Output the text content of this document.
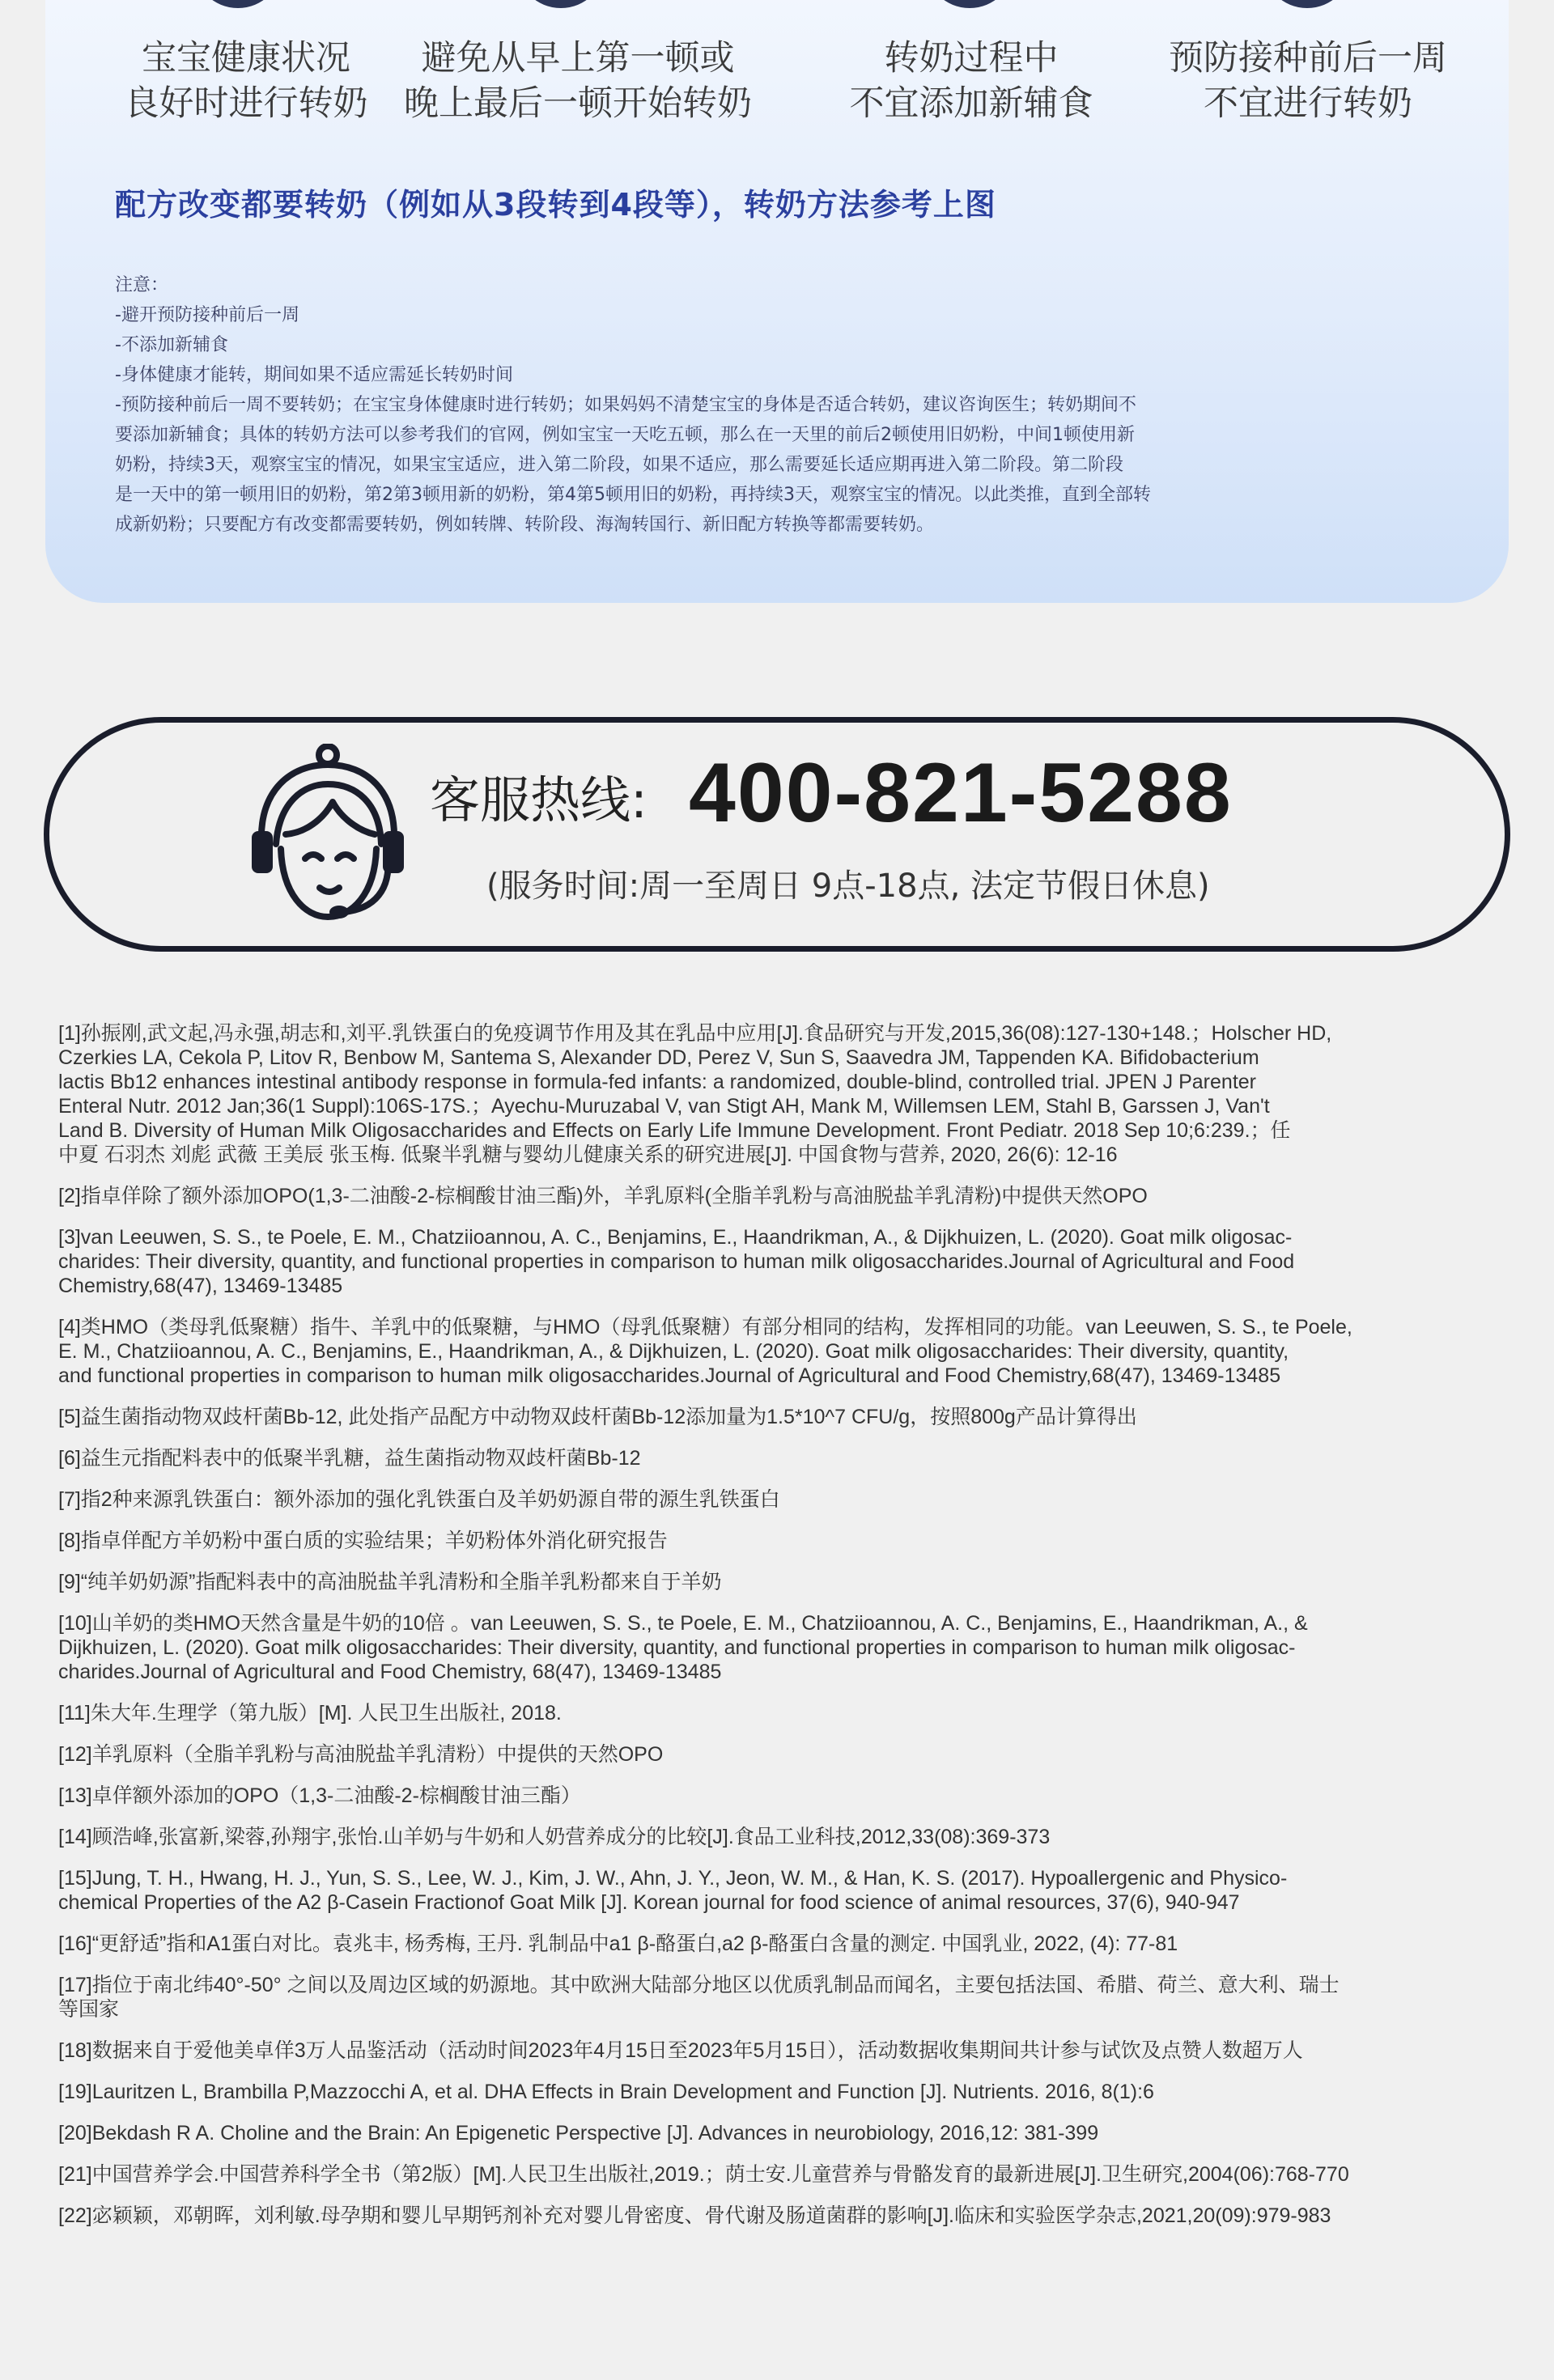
宝宝健康状况
良好时进行转奶
避免从早上第一顿或
晚上最后一顿开始转奶
转奶过程中
不宜添加新辅食
预防接种前后一周
不宜进行转奶
配方改变都要转奶（例如从3段转到4段等），转奶方法参考上图
注意：
-避开预防接种前后一周
-不添加新辅食
-身体健康才能转，期间如果不适应需延长转奶时间
-预防接种前后一周不要转奶；在宝宝身体健康时进行转奶；如果妈妈不清楚宝宝的身体是否适合转奶，建议咨询医生；转奶期间不
要添加新辅食；具体的转奶方法可以参考我们的官网，例如宝宝一天吃五顿，那么在一天里的前后2顿使用旧奶粉，中间1顿使用新
奶粉，持续3天，观察宝宝的情况，如果宝宝适应，进入第二阶段，如果不适应，那么需要延长适应期再进入第二阶段。第二阶段
是一天中的第一顿用旧的奶粉，第2第3顿用新的奶粉，第4第5顿用旧的奶粉，再持续3天，观察宝宝的情况。以此类推，直到全部转
成新奶粉；只要配方有改变都需要转奶，例如转牌、转阶段、海淘转国行、新旧配方转换等都需要转奶。
客服热线: 400-821-5288
(服务时间:周一至周日 9点-18点, 法定节假日休息)
[1]孙振刚,武文起,冯永强,胡志和,刘平.乳铁蛋白的免疫调节作用及其在乳品中应用[J].食品研究与开发,2015,36(08):127-130+148.；Holscher HD,
Czerkies LA, Cekola P, Litov R, Benbow M, Santema S, Alexander DD, Perez V, Sun S, Saavedra JM, Tappenden KA. Bifidobacterium
lactis Bb12 enhances intestinal antibody response in formula-fed infants: a randomized, double-blind, controlled trial. JPEN J Parenter
Enteral Nutr. 2012 Jan;36(1 Suppl):106S-17S.；Ayechu-Muruzabal V, van Stigt AH, Mank M, Willemsen LEM, Stahl B, Garssen J, Van't
Land B. Diversity of Human Milk Oligosaccharides and Effects on Early Life Immune Development. Front Pediatr. 2018 Sep 10;6:239.；任
中夏 石羽杰 刘彪 武薇 王美辰 张玉梅. 低聚半乳糖与婴幼儿健康关系的研究进展[J]. 中国食物与营养, 2020, 26(6): 12-16
[2]指卓佯除了额外添加OPO(1,3-二油酸-2-棕榈酸甘油三酯)外，羊乳原料(全脂羊乳粉与高油脱盐羊乳清粉)中提供天然OPO
[3]van Leeuwen, S. S., te Poele, E. M., Chatziioannou, A. C., Benjamins, E., Haandrikman, A., & Dijkhuizen, L. (2020). Goat milk oligosac-
charides: Their diversity, quantity, and functional properties in comparison to human milk oligosaccharides.Journal of Agricultural and Food
Chemistry,68(47), 13469-13485
[4]类HMO（类母乳低聚糖）指牛、羊乳中的低聚糖，与HMO（母乳低聚糖）有部分相同的结构，发挥相同的功能。van Leeuwen, S. S., te Poele,
E. M., Chatziioannou, A. C., Benjamins, E., Haandrikman, A., & Dijkhuizen, L. (2020). Goat milk oligosaccharides: Their diversity, quantity,
and functional properties in comparison to human milk oligosaccharides.Journal of Agricultural and Food Chemistry,68(47), 13469-13485
[5]益生菌指动物双歧杆菌Bb-12, 此处指产品配方中动物双歧杆菌Bb-12添加量为1.5*10^7 CFU/g，按照800g产品计算得出
[6]益生元指配料表中的低聚半乳糖，益生菌指动物双歧杆菌Bb-12
[7]指2种来源乳铁蛋白：额外添加的强化乳铁蛋白及羊奶奶源自带的源生乳铁蛋白
[8]指卓佯配方羊奶粉中蛋白质的实验结果；羊奶粉体外消化研究报告
[9]“纯羊奶奶源”指配料表中的高油脱盐羊乳清粉和全脂羊乳粉都来自于羊奶
[10]山羊奶的类HMO天然含量是牛奶的10倍 。van Leeuwen, S. S., te Poele, E. M., Chatziioannou, A. C., Benjamins, E., Haandrikman, A., &
Dijkhuizen, L. (2020). Goat milk oligosaccharides: Their diversity, quantity, and functional properties in comparison to human milk oligosac-
charides.Journal of Agricultural and Food Chemistry, 68(47), 13469-13485
[11]朱大年.生理学（第九版）[M]. 人民卫生出版社, 2018.
[12]羊乳原料（全脂羊乳粉与高油脱盐羊乳清粉）中提供的天然OPO
[13]卓佯额外添加的OPO（1,3-二油酸-2-棕榈酸甘油三酯）
[14]顾浩峰,张富新,梁蓉,孙翔宇,张怡.山羊奶与牛奶和人奶营养成分的比较[J].食品工业科技,2012,33(08):369-373
[15]Jung, T. H., Hwang, H. J., Yun, S. S., Lee, W. J., Kim, J. W., Ahn, J. Y., Jeon, W. M., & Han, K. S. (2017). Hypoallergenic and Physico-
chemical Properties of the A2 β-Casein Fractionof Goat Milk [J]. Korean journal for food science of animal resources, 37(6), 940-947
[16]“更舒适”指和A1蛋白对比。袁兆丰, 杨秀梅, 王丹. 乳制品中a1 β-酪蛋白,a2 β-酪蛋白含量的测定. 中国乳业, 2022, (4): 77-81
[17]指位于南北纬40°-50° 之间以及周边区域的奶源地。其中欧洲大陆部分地区以优质乳制品而闻名，主要包括法国、希腊、荷兰、意大利、瑞士
等国家
[18]数据来自于爱他美卓佯3万人品鉴活动（活动时间2023年4月15日至2023年5月15日），活动数据收集期间共计参与试饮及点赞人数超万人
[19]Lauritzen L, Brambilla P,Mazzocchi A, et al. DHA Effects in Brain Development and Function [J]. Nutrients. 2016, 8(1):6
[20]Bekdash R A. Choline and the Brain: An Epigenetic Perspective [J]. Advances in neurobiology, 2016,12: 381-399
[21]中国营养学会.中国营养科学全书（第2版）[M].人民卫生出版社,2019.；荫士安.儿童营养与骨骼发育的最新进展[J].卫生研究,2004(06):768-770
[22]宓颖颖，邓朝晖，刘利敏.母孕期和婴儿早期钙剂补充对婴儿骨密度、骨代谢及肠道菌群的影响[J].临床和实验医学杂志,2021,20(09):979-983
